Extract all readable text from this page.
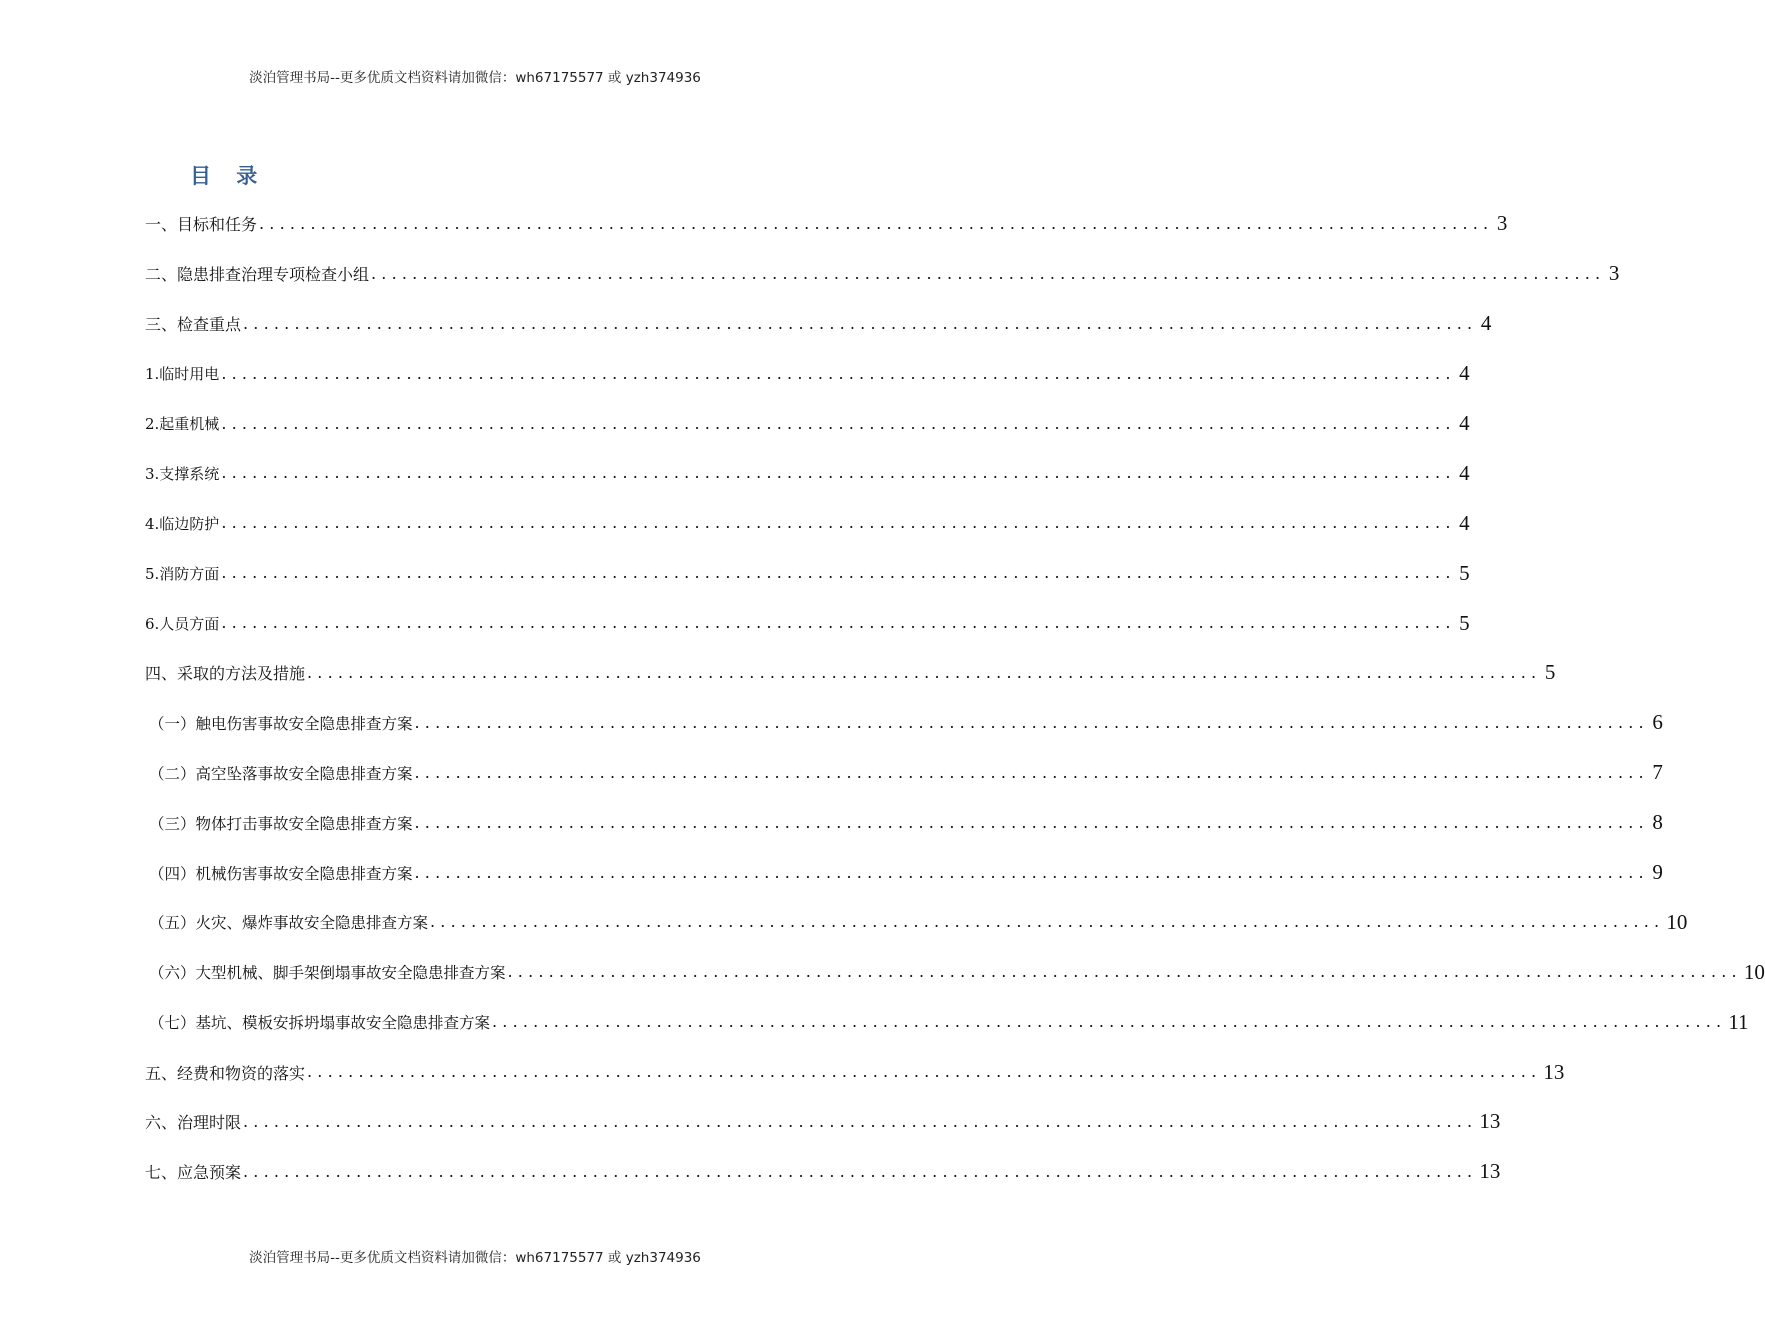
淡泊管理书局--更多优质文档资料请加微信：wh67175577 或 yzh374936
目 录
一、目标和任务 ........................................................................................................................ 3
二、隐患排查治理专项检查小组 ........................................................................................................................ 3
三、检查重点 ........................................................................................................................ 4
1.临时用电 ........................................................................................................................ 4
2.起重机械 ........................................................................................................................ 4
3.支撑系统 ........................................................................................................................ 4
4.临边防护 ........................................................................................................................ 4
5.消防方面 ........................................................................................................................ 5
6.人员方面 ........................................................................................................................ 5
四、采取的方法及措施 ........................................................................................................................ 5
（一）触电伤害事故安全隐患排查方案 ........................................................................................................................ 6
（二）高空坠落事故安全隐患排查方案 ........................................................................................................................ 7
（三）物体打击事故安全隐患排查方案 ........................................................................................................................ 8
（四）机械伤害事故安全隐患排查方案 ........................................................................................................................ 9
（五）火灾、爆炸事故安全隐患排查方案 ........................................................................................................................ 10
（六）大型机械、脚手架倒塌事故安全隐患排查方案 ........................................................................................................................ 10
（七）基坑、模板安拆坍塌事故安全隐患排查方案 ........................................................................................................................ 11
五、经费和物资的落实 ........................................................................................................................ 13
六、治理时限 ........................................................................................................................ 13
七、应急预案 ........................................................................................................................ 13
淡泊管理书局--更多优质文档资料请加微信：wh67175577 或 yzh374936
